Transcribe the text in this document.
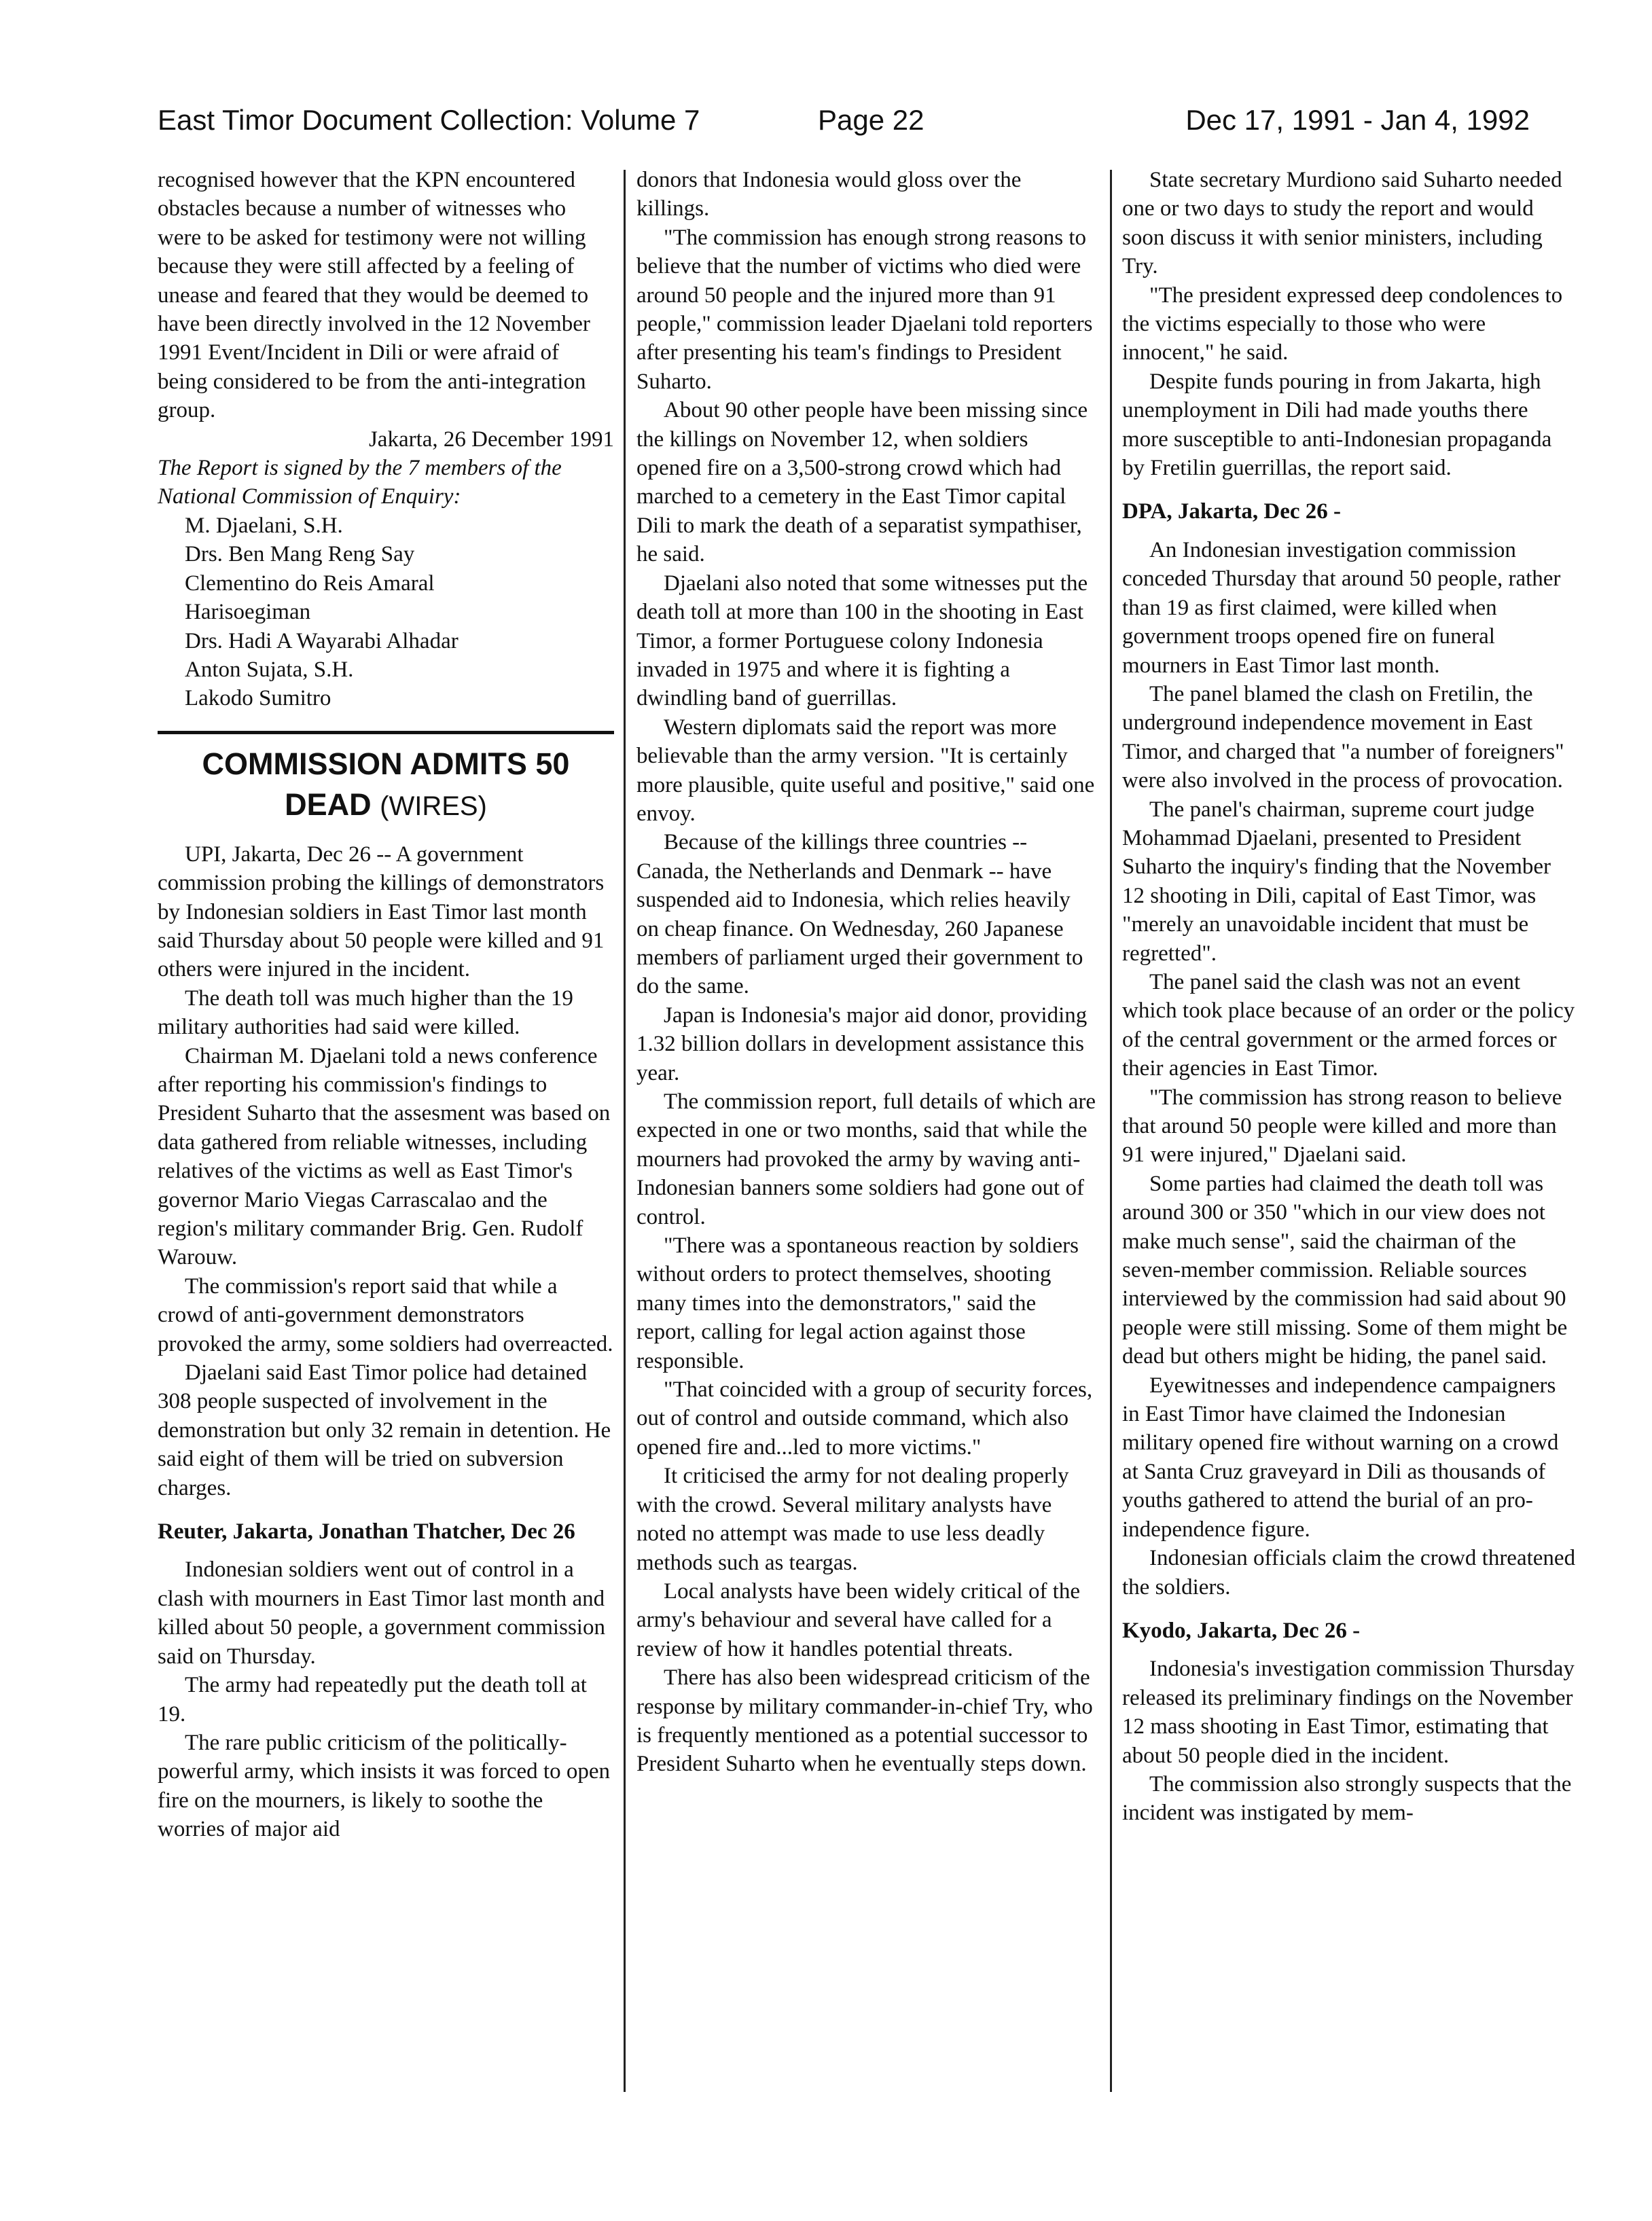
East Timor Document Collection: Volume 7	Page 22	Dec 17, 1991 - Jan 4, 1992

recognised however that the KPN encountered obstacles because a number of witnesses who were to be asked for testimony were not willing because they were still affected by a feeling of unease and feared that they would be deemed to have been directly involved in the 12 November 1991 Event/Incident in Dili or were afraid of being considered to be from the anti-integration group.

Jakarta, 26 December 1991

The Report is signed by the 7 members of the National Commission of Enquiry:

M. Djaelani, S.H.
Drs. Ben Mang Reng Say
Clementino do Reis Amaral
Harisoegiman
Drs. Hadi A Wayarabi Alhadar
Anton Sujata, S.H.
Lakodo Sumitro
COMMISSION ADMITS 50 DEAD (WIRES)

UPI, Jakarta, Dec 26 -- A government commission probing the killings of demonstrators by Indonesian soldiers in East Timor last month said Thursday about 50 people were killed and 91 others were injured in the incident.

The death toll was much higher than the 19 military authorities had said were killed.

Chairman M. Djaelani told a news conference after reporting his commission's findings to President Suharto that the assesment was based on data gathered from reliable witnesses, including relatives of the victims as well as East Timor's governor Mario Viegas Carrascalao and the region's military commander Brig. Gen. Rudolf Warouw.

The commission's report said that while a crowd of anti-government demonstrators provoked the army, some soldiers had overreacted.

Djaelani said East Timor police had detained 308 people suspected of involvement in the demonstration but only 32 remain in detention. He said eight of them will be tried on subversion charges.

Reuter, Jakarta, Jonathan Thatcher, Dec 26

Indonesian soldiers went out of control in a clash with mourners in East Timor last month and killed about 50 people, a government commission said on Thursday.

The army had repeatedly put the death toll at 19.

The rare public criticism of the politically-powerful army, which insists it was forced to open fire on the mourners, is likely to soothe the worries of major aid

donors that Indonesia would gloss over the killings.

"The commission has enough strong reasons to believe that the number of victims who died were around 50 people and the injured more than 91 people," commission leader Djaelani told reporters after presenting his team's findings to President Suharto.

About 90 other people have been missing since the killings on November 12, when soldiers opened fire on a 3,500-strong crowd which had marched to a cemetery in the East Timor capital Dili to mark the death of a separatist sympathiser, he said.

Djaelani also noted that some witnesses put the death toll at more than 100 in the shooting in East Timor, a former Portuguese colony Indonesia invaded in 1975 and where it is fighting a dwindling band of guerrillas.

Western diplomats said the report was more believable than the army version. "It is certainly more plausible, quite useful and positive," said one envoy.

Because of the killings three countries -- Canada, the Netherlands and Denmark -- have suspended aid to Indonesia, which relies heavily on cheap finance. On Wednesday, 260 Japanese members of parliament urged their government to do the same.

Japan is Indonesia's major aid donor, providing 1.32 billion dollars in development assistance this year.

The commission report, full details of which are expected in one or two months, said that while the mourners had provoked the army by waving anti-Indonesian banners some soldiers had gone out of control.

"There was a spontaneous reaction by soldiers without orders to protect themselves, shooting many times into the demonstrators," said the report, calling for legal action against those responsible.

"That coincided with a group of security forces, out of control and outside command, which also opened fire and...led to more victims."

It criticised the army for not dealing properly with the crowd. Several military analysts have noted no attempt was made to use less deadly methods such as teargas.

Local analysts have been widely critical of the army's behaviour and several have called for a review of how it handles potential threats.

There has also been widespread criticism of the response by military commander-in-chief Try, who is frequently mentioned as a potential successor to President Suharto when he eventually steps down.

State secretary Murdiono said Suharto needed one or two days to study the report and would soon discuss it with senior ministers, including Try.

"The president expressed deep condolences to the victims especially to those who were innocent," he said.

Despite funds pouring in from Jakarta, high unemployment in Dili had made youths there more susceptible to anti-Indonesian propaganda by Fretilin guerrillas, the report said.

DPA, Jakarta, Dec 26 -

An Indonesian investigation commission conceded Thursday that around 50 people, rather than 19 as first claimed, were killed when government troops opened fire on funeral mourners in East Timor last month.

The panel blamed the clash on Fretilin, the underground independence movement in East Timor, and charged that "a number of foreigners" were also involved in the process of provocation.

The panel's chairman, supreme court judge Mohammad Djaelani, presented to President Suharto the inquiry's finding that the November 12 shooting in Dili, capital of East Timor, was "merely an unavoidable incident that must be regretted".

The panel said the clash was not an event which took place because of an order or the policy of the central government or the armed forces or their agencies in East Timor.

"The commission has strong reason to believe that around 50 people were killed and more than 91 were injured," Djaelani said.

Some parties had claimed the death toll was around 300 or 350 "which in our view does not make much sense", said the chairman of the seven-member commission. Reliable sources interviewed by the commission had said about 90 people were still missing. Some of them might be dead but others might be hiding, the panel said.

Eyewitnesses and independence campaigners in East Timor have claimed the Indonesian military opened fire without warning on a crowd at Santa Cruz graveyard in Dili as thousands of youths gathered to attend the burial of an pro-independence figure.

Indonesian officials claim the crowd threatened the soldiers.

Kyodo, Jakarta, Dec 26 -

Indonesia's investigation commission Thursday released its preliminary findings on the November 12 mass shooting in East Timor, estimating that about 50 people died in the incident.

The commission also strongly suspects that the incident was instigated by mem-
